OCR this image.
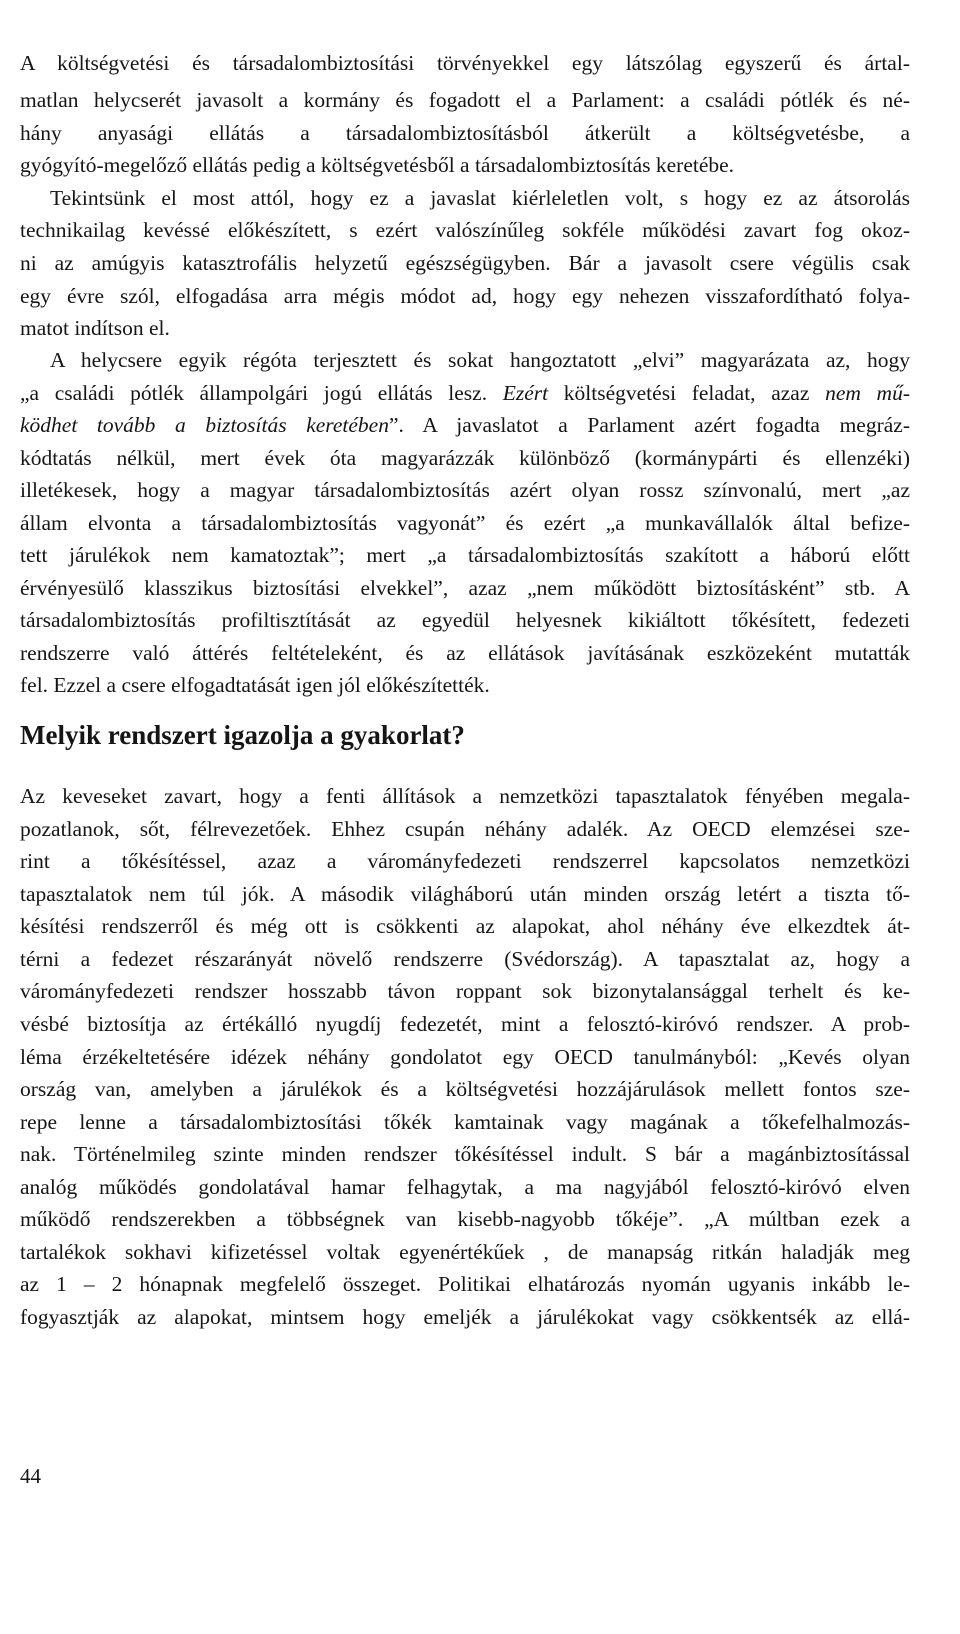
A költségvetési és társadalombiztosítási törvényekkel egy látszólag egyszerű és ártal-
matlan helycserét javasolt a kormány és fogadott el a Parlament: a családi pótlék és né-
hány anyasági ellátás a társadalombiztosításból átkerült a költségvetésbe, a
gyógyító-megelőző ellátás pedig a költségvetésből a társadalombiztosítás keretébe.
Tekintsünk el most attól, hogy ez a javaslat kiérleletlen volt, s hogy ez az átsorolás
technikailag kevéssé előkészített, s ezért valószínűleg sokféle működési zavart fog okoz-
ni az amúgyis katasztrofális helyzetű egészségügyben. Bár a javasolt csere végülis csak
egy évre szól, elfogadása arra mégis módot ad, hogy egy nehezen visszafordítható folya-
matot indítson el.
A helycsere egyik régóta terjesztett és sokat hangoztatott „elvi” magyarázata az, hogy
„a családi pótlék állampolgári jogú ellátás lesz. Ezért költségvetési feladat, azaz nem mű-
ködhet tovább a biztosítás keretében”. A javaslatot a Parlament azért fogadta megráz-
kódtatás nélkül, mert évek óta magyarázzák különböző (kormánypárti és ellenzéki)
illetékesek, hogy a magyar társadalombiztosítás azért olyan rossz színvonalú, mert „az
állam elvonta a társadalombiztosítás vagyonát” és ezért „a munkavállalók által befize-
tett járulékok nem kamatoztak”; mert „a társadalombiztosítás szakított a háború előtt
érvényesülő klasszikus biztosítási elvekkel”, azaz „nem működött biztosításként” stb. A
társadalombiztosítás profiltisztítását az egyedül helyesnek kikiáltott tőkésített, fedezeti
rendszerre való áttérés feltételeként, és az ellátások javításának eszközeként mutatták
fel. Ezzel a csere elfogadtatását igen jól előkészítették.
Melyik rendszert igazolja a gyakorlat?
Az keveseket zavart, hogy a fenti állítások a nemzetközi tapasztalatok fényében megala-
pozatlanok, sőt, félrevezetőek. Ehhez csupán néhány adalék. Az OECD elemzései sze-
rint a tőkésítéssel, azaz a várományfedezeti rendszerrel kapcsolatos nemzetközi
tapasztalatok nem túl jók. A második világháború után minden ország letért a tiszta tő-
késítési rendszerről és még ott is csökkenti az alapokat, ahol néhány éve elkezdtek át-
térni a fedezet részarányát növelő rendszerre (Svédország). A tapasztalat az, hogy a
várományfedezeti rendszer hosszabb távon roppant sok bizonytalansággal terhelt és ke-
vésbé biztosítja az értékálló nyugdíj fedezetét, mint a felosztó-kiróvó rendszer. A prob-
léma érzékeltetésére idézek néhány gondolatot egy OECD tanulmányból: „Kevés olyan
ország van, amelyben a járulékok és a költségvetési hozzájárulások mellett fontos sze-
repe lenne a társadalombiztosítási tőkék kamtainak vagy magának a tőkefelhalmozás-
nak. Történelmileg szinte minden rendszer tőkésítéssel indult. S bár a magánbiztosítással
analóg működés gondolatával hamar felhagytak, a ma nagyjából felosztó-kiróvó elven
működő rendszerekben a többségnek van kisebb-nagyobb tőkéje”. „A múltban ezek a
tartalékok sokhavi kifizetéssel voltak egyenértékűek , de manapság ritkán haladják meg
az 1 – 2 hónapnak megfelelő összeget. Politikai elhatározás nyomán ugyanis inkább le-
fogyasztják az alapokat, mintsem hogy emeljék a járulékokat vagy csökkentsék az ellá-
44
